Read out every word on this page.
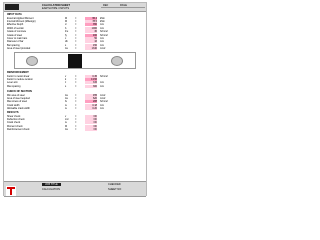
CALCULATION SHEET
EARTH PIPE / INPUTS
REF	PAGE
INPUT DATA
External Applied Moment	M	=	95.4 kNm
Internal Moment (Mdesign)	M	=	78.5 kNm
Effective Depth	d	=	350 mm
Width of section	b	=	1000 mm
Grade of concrete	fcu	=	30 N/mm2
Grade of steel	fy	=	460 N/mm2
Cover to main bars	c	=	50 mm
Diameter of bar	db	=	16 mm
Bar spacing	s	=	150 mm
Area of steel provided	As	=	1340 mm2
REINFORCEMENT
Factor to resist shear	v	=	0.45 N/mm2
Factor to reduce tension	k	=	0.156
Lever arm	z	=	315 mm
Max spacing	s	=	300 mm
CHECK OF SECTION
Min area of steel	As	=	455 mm2
Area of steel required	As	=	620 mm2
Max stress of steel	fs	=	288 N/mm2
Crack width	w	=	0.18 mm
Allowable crack width	w	=	0.20 mm
RESULTS
Shear check	v	=	OK
Deflection check	L/d	=	OK
Crack check	w	=	OK
Moment check	M	=	OK
Reinforcement check	As	=	OK
JOB TITLE
CALCULATION
CHECKED
SHEET NO
